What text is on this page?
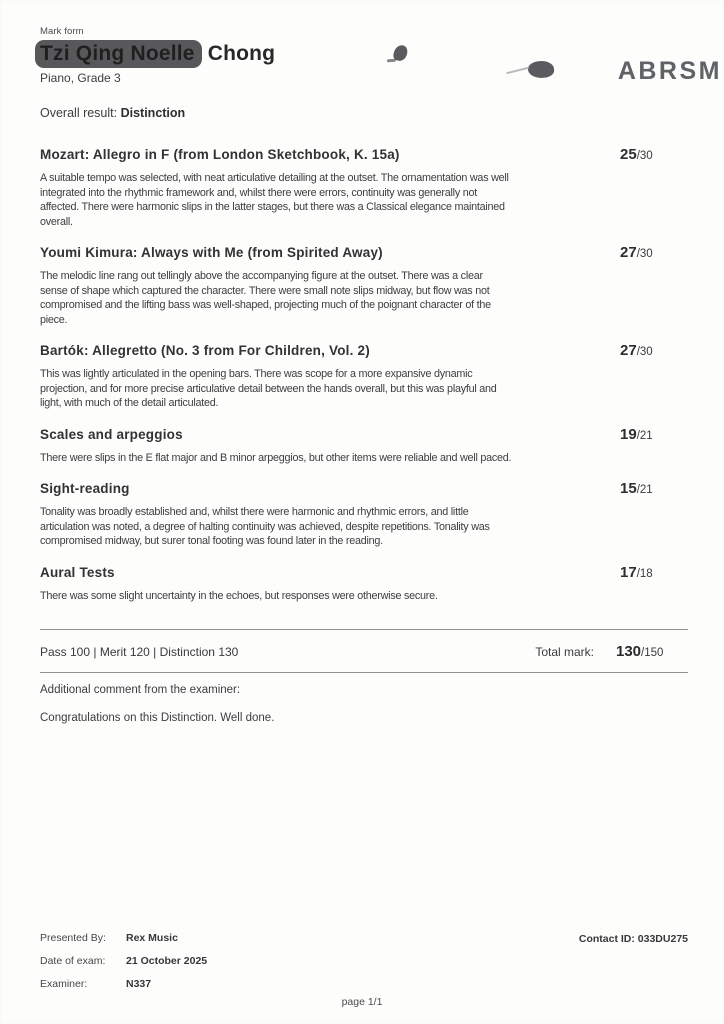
Mark form
Tzi Qing Noelle Chong
Piano, Grade 3
Overall result: Distinction
ABRSM
Mozart: Allegro in F (from London Sketchbook, K. 15a)	25/30
A suitable tempo was selected, with neat articulative detailing at the outset. The ornamentation was well integrated into the rhythmic framework and, whilst there were errors, continuity was generally not affected. There were harmonic slips in the latter stages, but there was a Classical elegance maintained overall.
Youmi Kimura: Always with Me (from Spirited Away)	27/30
The melodic line rang out tellingly above the accompanying figure at the outset. There was a clear sense of shape which captured the character. There were small note slips midway, but flow was not compromised and the lifting bass was well-shaped, projecting much of the poignant character of the piece.
Bartók: Allegretto (No. 3 from For Children, Vol. 2)	27/30
This was lightly articulated in the opening bars. There was scope for a more expansive dynamic projection, and for more precise articulative detail between the hands overall, but this was playful and light, with much of the detail articulated.
Scales and arpeggios	19/21
There were slips in the E flat major and B minor arpeggios, but other items were reliable and well paced.
Sight-reading	15/21
Tonality was broadly established and, whilst there were harmonic and rhythmic errors, and little articulation was noted, a degree of halting continuity was achieved, despite repetitions. Tonality was compromised midway, but surer tonal footing was found later in the reading.
Aural Tests	17/18
There was some slight uncertainty in the echoes, but responses were otherwise secure.
Pass 100 | Merit 120 | Distinction 130	Total mark: 130/150
Additional comment from the examiner:
Congratulations on this Distinction. Well done.
Presented By:	Rex Music
Date of exam:	21 October 2025
Examiner:	N337
Contact ID: 033DU275
page 1/1
